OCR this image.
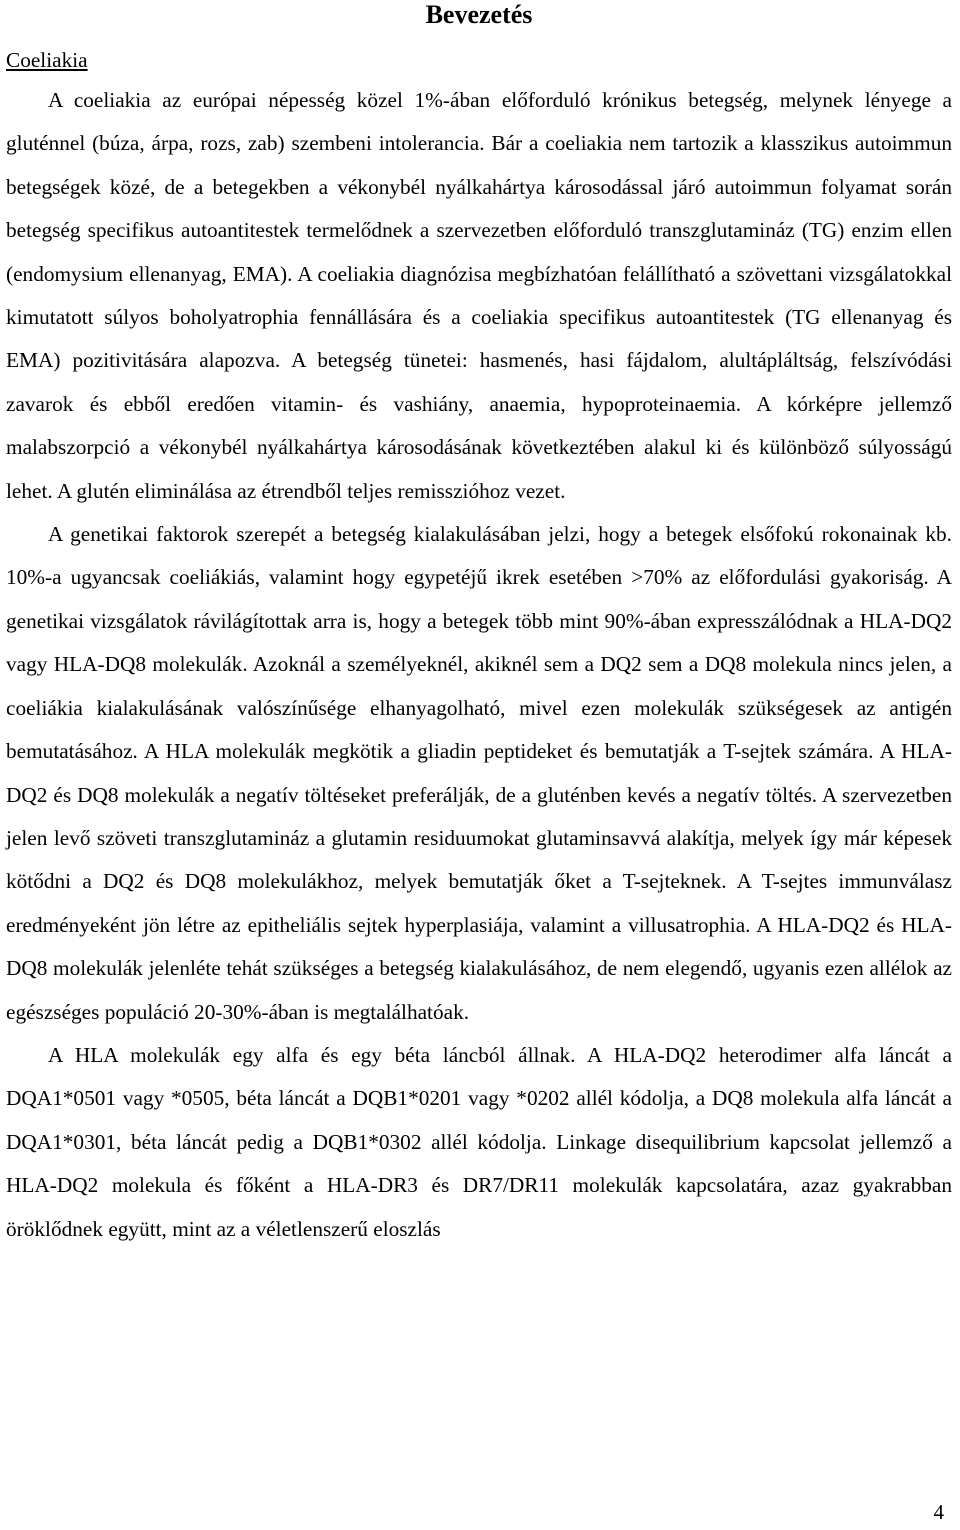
Bevezetés
Coeliakia

A coeliakia az európai népesség közel 1%-ában előforduló krónikus betegség, melynek lényege a gluténnel (búza, árpa, rozs, zab) szembeni intolerancia. Bár a coeliakia nem tartozik a klasszikus autoimmun betegségek közé, de a betegekben a vékonybél nyálkahártya károsodással járó autoimmun folyamat során betegség specifikus autoantitestek termelődnek a szervezetben előforduló transzglutamináz (TG) enzim ellen (endomysium ellenanyag, EMA). A coeliakia diagnózisa megbízhatóan felállítható a szövettani vizsgálatokkal kimutatott súlyos boholyatrophia fennállására és a coeliakia specifikus autoantitestek (TG ellenanyag és EMA) pozitivitására alapozva. A betegség tünetei: hasmenés, hasi fájdalom, alultápláltság, felszívódási zavarok és ebből eredően vitamin- és vashiány, anaemia, hypoproteinaemia. A kórképre jellemző malabszorpció a vékonybél nyálkahártya károsodásának következtében alakul ki és különböző súlyosságú lehet. A glutén eliminálása az étrendből teljes remisszióhoz vezet.

A genetikai faktorok szerepét a betegség kialakulásában jelzi, hogy a betegek elsőfokú rokonainak kb. 10%-a ugyancsak coeliákiás, valamint hogy egypetéjű ikrek esetében >70% az előfordulási gyakoriság. A genetikai vizsgálatok rávilágítottak arra is, hogy a betegek több mint 90%-ában expresszálódnak a HLA-DQ2 vagy HLA-DQ8 molekulák. Azoknál a személyeknél, akiknél sem a DQ2 sem a DQ8 molekula nincs jelen, a coeliákia kialakulásának valószínűsége elhanyagolható, mivel ezen molekulák szükségesek az antigén bemutatásához. A HLA molekulák megkötik a gliadin peptideket és bemutatják a T-sejtek számára. A HLA-DQ2 és DQ8 molekulák a negatív töltéseket preferálják, de a gluténben kevés a negatív töltés. A szervezetben jelen levő szöveti transzglutamináz a glutamin residuumokat glutaminsavvá alakítja, melyek így már képesek kötődni a DQ2 és DQ8 molekulákhoz, melyek bemutatják őket a T-sejteknek. A T-sejtes immunválasz eredményeként jön létre az epitheliális sejtek hyperplasiája, valamint a villusatrophia. A HLA-DQ2 és HLA-DQ8 molekulák jelenléte tehát szükséges a betegség kialakulásához, de nem elegendő, ugyanis ezen allélok az egészséges populáció 20-30%-ában is megtalálhatóak.

A HLA molekulák egy alfa és egy béta láncból állnak. A HLA-DQ2 heterodimer alfa láncát a DQA1*0501 vagy *0505, béta láncát a DQB1*0201 vagy *0202 allél kódolja, a DQ8 molekula alfa láncát a DQA1*0301, béta láncát pedig a DQB1*0302 allél kódolja. Linkage disequilibrium kapcsolat jellemző a HLA-DQ2 molekula és főként a HLA-DR3 és DR7/DR11 molekulák kapcsolatára, azaz gyakrabban öröklődnek együtt, mint az a véletlenszerű eloszlás

4
